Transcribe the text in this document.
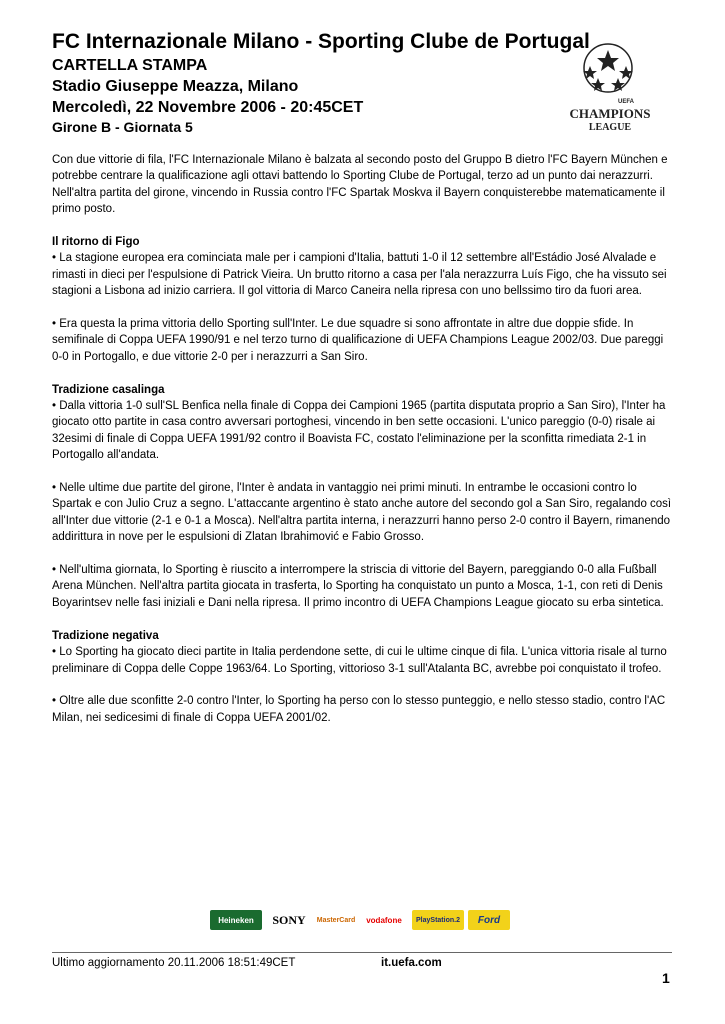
FC Internazionale Milano - Sporting Clube de Portugal

CARTELLA STAMPA

Stadio Giuseppe Meazza, Milano

Mercoledì, 22 Novembre 2006 - 20:45CET

Girone B - Giornata 5

UEFA
CHAMPIONS
LEAGUE

Con due vittorie di fila, l'FC Internazionale Milano è balzata al secondo posto del Gruppo B dietro l'FC Bayern München e potrebbe centrare la qualificazione agli ottavi battendo lo Sporting Clube de Portugal, terzo ad un punto dai nerazzurri. Nell'altra partita del girone, vincendo in Russia contro l'FC Spartak Moskva il Bayern conquisterebbe matematicamente il primo posto.

Il ritorno di Figo

• La stagione europea era cominciata male per i campioni d'Italia, battuti 1-0 il 12 settembre all'Estádio José Alvalade e rimasti in dieci per l'espulsione di Patrick Vieira. Un brutto ritorno a casa per l'ala nerazzurra Luís Figo, che ha vissuto sei stagioni a Lisbona ad inizio carriera. Il gol vittoria di Marco Caneira nella ripresa con uno bellssimo tiro da fuori area.

• Era questa la prima vittoria dello Sporting sull'Inter. Le due squadre si sono affrontate in altre due doppie sfide. In semifinale di Coppa UEFA 1990/91 e nel terzo turno di qualificazione di UEFA Champions League 2002/03. Due pareggi 0-0 in Portogallo, e due vittorie 2-0 per i nerazzurri a San Siro.

Tradizione casalinga

• Dalla vittoria 1-0 sull'SL Benfica nella finale di Coppa dei Campioni 1965 (partita disputata proprio a San Siro), l'Inter ha giocato otto partite in casa contro avversari portoghesi, vincendo in ben sette occasioni. L'unico pareggio (0-0) risale ai 32esimi di finale di Coppa UEFA 1991/92 contro il Boavista FC, costato l'eliminazione per la sconfitta rimediata 2-1 in Portogallo all'andata.

• Nelle ultime due partite del girone, l'Inter è andata in vantaggio nei primi minuti. In entrambe le occasioni contro lo Spartak e con Julio Cruz a segno. L'attaccante argentino è stato anche autore del secondo gol a San Siro, regalando così all'Inter due vittorie (2-1 e 0-1 a Mosca). Nell'altra partita interna, i nerazzurri hanno perso 2-0 contro il Bayern, rimanendo addirittura in nove per le espulsioni di Zlatan Ibrahimović e Fabio Grosso.

• Nell'ultima giornata, lo Sporting è riuscito a interrompere la striscia di vittorie del Bayern, pareggiando 0-0 alla Fußball Arena München. Nell'altra partita giocata in trasferta, lo Sporting ha conquistato un punto a Mosca, 1-1, con reti di Denis Boyarintsev nelle fasi iniziali e Dani nella ripresa. Il primo incontro di UEFA Champions League giocato su erba sintetica.

Tradizione negativa

• Lo Sporting ha giocato dieci partite in Italia perdendone sette, di cui le ultime cinque di fila. L'unica vittoria risale al turno preliminare di Coppa delle Coppe 1963/64. Lo Sporting, vittorioso 3-1 sull'Atalanta BC, avrebbe poi conquistato il trofeo.

• Oltre alle due sconfitte 2-0 contro l'Inter, lo Sporting ha perso con lo stesso punteggio, e nello stesso stadio, contro l'AC Milan, nei sedicesimi di finale di Coppa UEFA 2001/02.

Heineken	SONY	MasterCard	vodafone	PlayStation.2	Ford
Ultimo aggiornamento 20.11.2006 18:51:49CET	it.uefa.com
1
